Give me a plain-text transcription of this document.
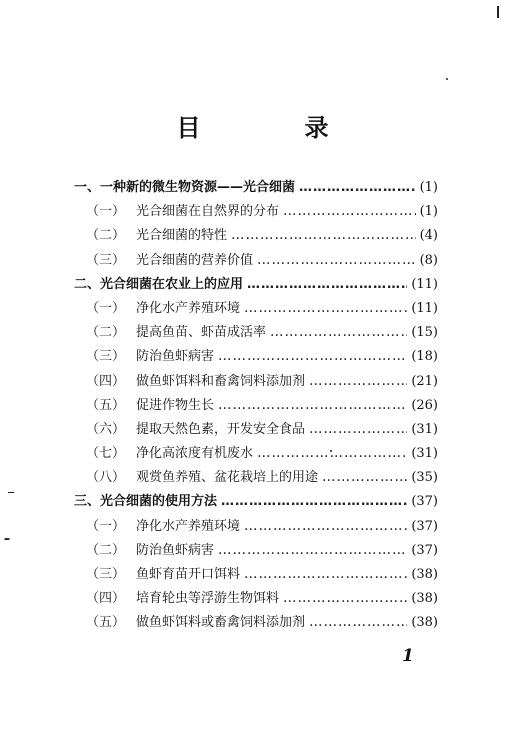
目　录
一、一种新的微生物资源——光合细菌 ……………………………………………………………………………………………………	(1)
（一） 光合细菌在自然界的分布 ……………………………………………………………………………………………………	(1)
（二） 光合细菌的特性 ……………………………………………………………………………………………………	(4)
（三） 光合细菌的营养价值 ……………………………………………………………………………………………………	(8)
二、光合细菌在农业上的应用 ……………………………………………………………………………………………………	(11)
（一） 净化水产养殖环境 ……………………………………………………………………………………………………	(11)
（二） 提高鱼苗、虾苗成活率 ……………………………………………………………………………………………………	(15)
（三） 防治鱼虾病害 ……………………………………………………………………………………………………	(18)
（四） 做鱼虾饵料和畜禽饲料添加剂 ……………………………………………………………………………………………………	(21)
（五） 促进作物生长 ……………………………………………………………………………………………………	(26)
（六） 提取天然色素，开发安全食品 ……………………………………………………………………………………………………	(31)
（七） 净化高浓度有机废水 ……………………………………………………………………………………………………	(31)
（八） 观赏鱼养殖、盆花栽培上的用途 ……………………………………………………………………………………………………	(35)
三、光合细菌的使用方法 ……………………………………………………………………………………………………	(37)
（一） 净化水产养殖环境 ……………………………………………………………………………………………………	(37)
（二） 防治鱼虾病害 ……………………………………………………………………………………………………	(37)
（三） 鱼虾育苗开口饵料 ……………………………………………………………………………………………………	(38)
（四） 培育轮虫等浮游生物饵料 ……………………………………………………………………………………………………	(38)
（五） 做鱼虾饵料或畜禽饲料添加剂 ……………………………………………………………………………………………………	(38)
1
